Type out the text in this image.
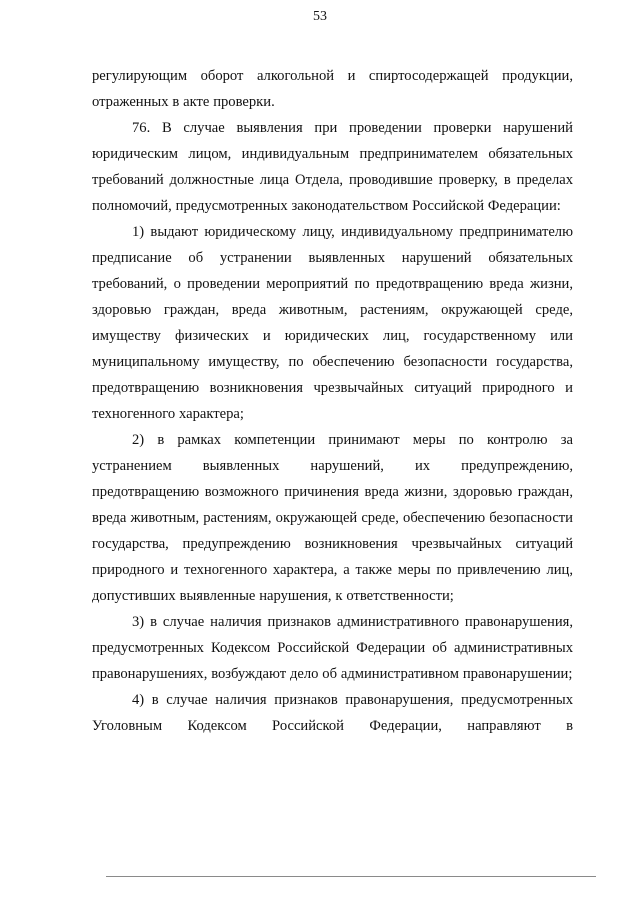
53

регулирующим оборот алкогольной и спиртосодержащей продукции, отраженных в акте проверки.

76. В случае выявления при проведении проверки нарушений юридическим лицом, индивидуальным предпринимателем обязательных требований должностные лица Отдела, проводившие проверку, в пределах полномочий, предусмотренных законодательством Российской Федерации:

1) выдают юридическому лицу, индивидуальному предпринимателю предписание об устранении выявленных нарушений обязательных требований, о проведении мероприятий по предотвращению вреда жизни, здоровью граждан, вреда животным, растениям, окружающей среде, имуществу физических и юридических лиц, государственному или муниципальному имуществу, по обеспечению безопасности государства, предотвращению возникновения чрезвычайных ситуаций природного и техногенного характера;

2) в рамках компетенции принимают меры по контролю за устранением выявленных нарушений, их предупреждению, предотвращению возможного причинения вреда жизни, здоровью граждан, вреда животным, растениям, окружающей среде, обеспечению безопасности государства, предупреждению возникновения чрезвычайных ситуаций природного и техногенного характера, а также меры по привлечению лиц, допустивших выявленные нарушения, к ответственности;

3) в случае наличия признаков административного правонарушения, предусмотренных Кодексом Российской Федерации об административных правонарушениях, возбуждают дело об административном правонарушении;

4) в случае наличия признаков правонарушения, предусмотренных Уголовным Кодексом Российской Федерации, направляют в
